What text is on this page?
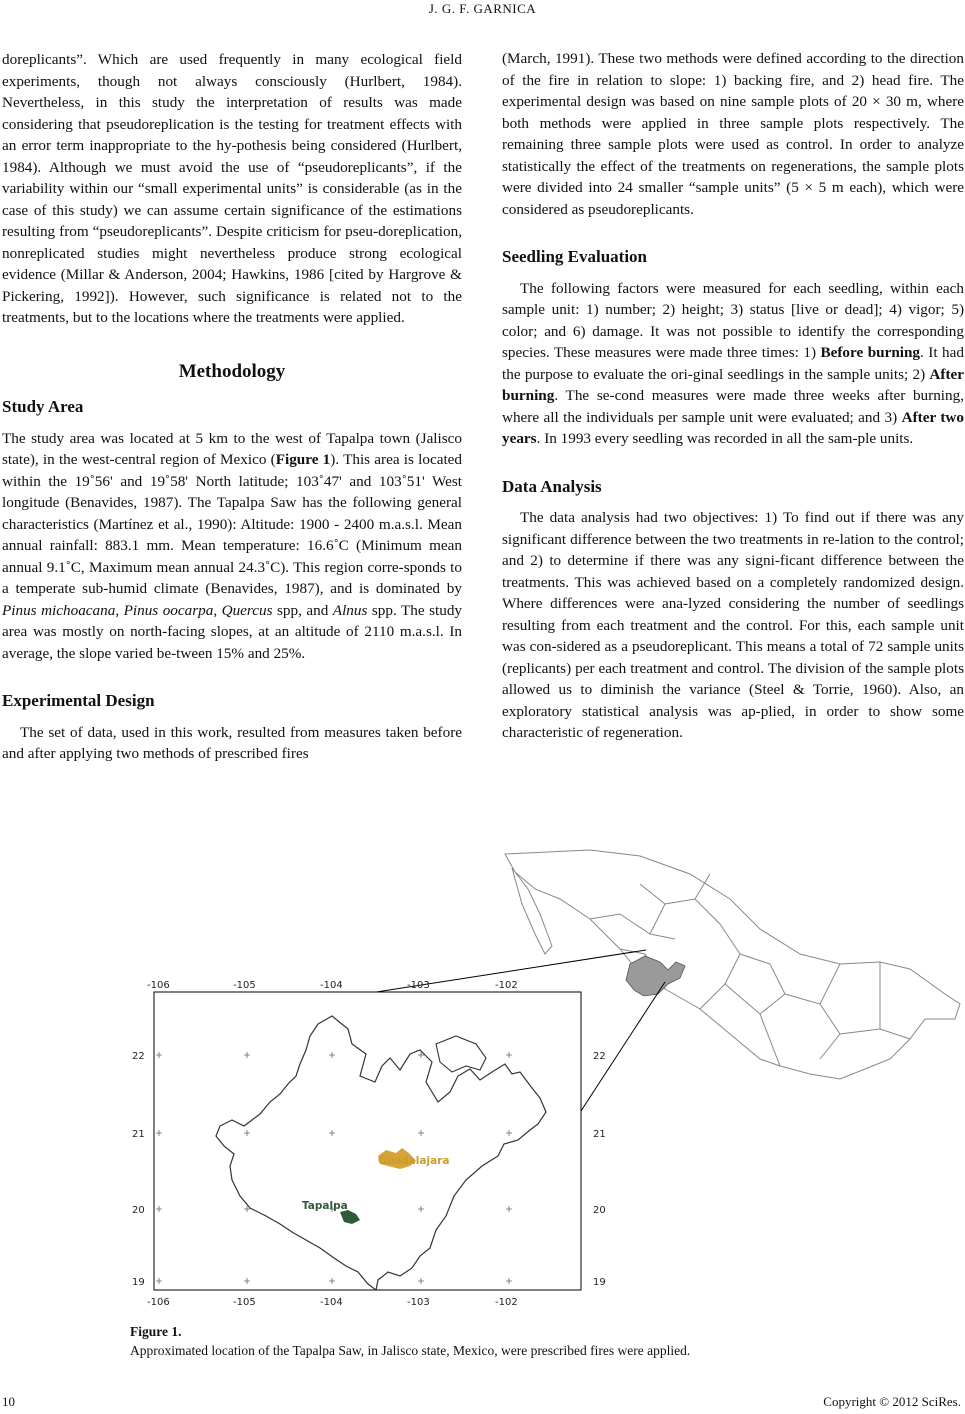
J. G. F. GARNICA

doreplicants”. Which are used frequently in many ecological field experiments, though not always consciously (Hurlbert, 1984). Nevertheless, in this study the interpretation of results was made considering that pseudoreplication is the testing for treatment effects with an error term inappropriate to the hy-pothesis being considered (Hurlbert, 1984). Although we must avoid the use of “pseudoreplicants”, if the variability within our “small experimental units” is considerable (as in the case of this study) we can assume certain significance of the estimations resulting from “pseudoreplicants”. Despite criticism for pseu-doreplication, nonreplicated studies might nevertheless produce strong ecological evidence (Millar & Anderson, 2004; Hawkins, 1986 [cited by Hargrove & Pickering, 1992]). However, such significance is related not to the treatments, but to the locations where the treatments were applied.

Methodology
Study Area

The study area was located at 5 km to the west of Tapalpa town (Jalisco state), in the west-central region of Mexico (Figure 1). This area is located within the 19˚56' and 19˚58' North latitude; 103˚47' and 103˚51' West longitude (Benavides, 1987). The Tapalpa Saw has the following general characteristics (Martínez et al., 1990): Altitude: 1900 - 2400 m.a.s.l. Mean annual rainfall: 883.1 mm. Mean temperature: 16.6˚C (Minimum mean annual 9.1˚C, Maximum mean annual 24.3˚C). This region corre-sponds to a temperate sub-humid climate (Benavides, 1987), and is dominated by Pinus michoacana, Pinus oocarpa, Quercus spp, and Alnus spp. The study area was mostly on north-facing slopes, at an altitude of 2110 m.a.s.l. In average, the slope varied be-tween 15% and 25%.

Experimental Design

The set of data, used in this work, resulted from measures taken before and after applying two methods of prescribed fires

(March, 1991). These two methods were defined according to the direction of the fire in relation to slope: 1) backing fire, and 2) head fire. The experimental design was based on nine sample plots of 20 × 30 m, where both methods were applied in three sample plots respectively. The remaining three sample plots were used as control. In order to analyze statistically the effect of the treatments on regenerations, the sample plots were divided into 24 smaller “sample units” (5 × 5 m each), which were considered as pseudoreplicants.

Seedling Evaluation

The following factors were measured for each seedling, within each sample unit: 1) number; 2) height; 3) status [live or dead]; 4) vigor; 5) color; and 6) damage. It was not possible to identify the corresponding species. These measures were made three times: 1) Before burning. It had the purpose to evaluate the ori-ginal seedlings in the sample units; 2) After burning. The se-cond measures were made three weeks after burning, where all the individuals per sample unit were evaluated; and 3) After two years. In 1993 every seedling was recorded in all the sam-ple units.

Data Analysis

The data analysis had two objectives: 1) To find out if there was any significant difference between the two treatments in re-lation to the control; and 2) to determine if there was any signi-ficant difference between the treatments. This was achieved based on a completely randomized design. Where differences were ana-lyzed considering the number of seedlings resulting from each treatment and the control. For this, each sample unit was con-sidered as a pseudoreplicant. This means a total of 72 sample units (replicants) per each treatment and control. The division of the sample plots allowed us to diminish the variance (Steel & Torrie, 1960). Also, an exploratory statistical analysis was ap-plied, in order to show some characteristic of regeneration.

Guadalajara
Tapalpa
-106	-105	-104	-103	-102
-106	-105	-104	-103	-102
22
21
20
19
22
21
20
19
Figure 1.
Approximated location of the Tapalpa Saw, in Jalisco state, Mexico, were prescribed fires were applied.
10	Copyright © 2012 SciRes.
